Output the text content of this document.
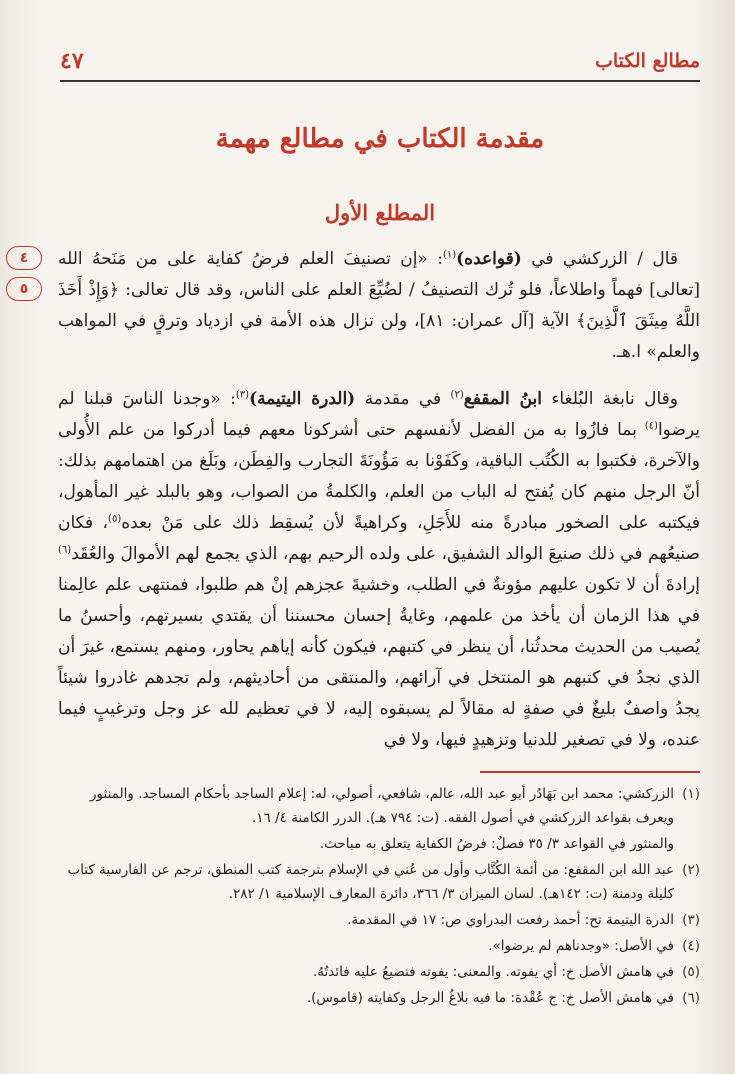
مطالع الكتاب
٤٧
مقدمة الكتاب في مطالع مهمة
المطلع الأول
٤
٥

قال / الزركشي في (قواعده)$^{(١)}$: «إن تصنيفَ العلم فرضُ كفاية على من مَنَحهُ الله [تعالى] فهماً واطلاعاً، فلو تُرك التصنيفُ / لضُيِّعَ العلم على الناس، وقد قال تعالى: ﴿وَإِذْ أَخَذَ اللَّهُ مِيثَقَ ٱلَّذِينَ﴾ الآية [آل عمران: ٨١]، ولن تزال هذه الأمة في ازدياد وترقٍ في المواهب والعلم» ا.هـ.

وقال نابغة البُلغاء ابنُ المقفع$^{(٢)}$ في مقدمة (الدرة اليتيمة)$^{(٣)}$: «وجدنا الناسَ قبلنا لم يرضوا$^{(٤)}$ بما فازُوا به من الفضل لأنفسهم حتى أشركونا معهم فيما أدركوا من علم الأُولى والآخرة، فكتبوا به الكُتُب الباقية، وكَفَوْنا به مَؤُونَةَ التجارب والفِطَن، وبَلَغ من اهتمامهم بذلك: أنّ الرجل منهم كان يُفتح له الباب من العلم، والكلمةُ من الصواب، وهو بالبلد غير المأهول، فيكتبه على الصخور مبادرةً منه للأَجَلِ، وكراهيةً لأن يُسقِط ذلك على مَنْ بعده$^{(٥)}$، فكان صنيعُهم في ذلك صنيعَ الوالد الشفيق، على ولده الرحيم بهم، الذي يجمع لهم الأموالَ والعُقَد$^{(٦)}$ إرادةَ أن لا تكون عليهم مؤونةٌ في الطلب، وخشيةَ عجزهم إنْ هم طلبوا، فمنتهى علم عالِمنا في هذا الزمان أن يأخذ من علمهم، وغايةُ إحسان محسننا أن يقتدي بسيرتهم، وأحسنُ ما يُصيب من الحديث محدثُنا، أن ينظر في كتبهم، فيكون كأنه إياهم يحاور، ومنهم يستمع، غيرَ أن الذي نجدُ في كتبهم هو المنتخل في آرائهم، والمنتقى من أحاديثهم، ولم تجدهم غادروا شيئاً يجدُ واصفٌ بليغٌ في صفةٍ له مقالاً لم يسبقوه إليه، لا في تعظيم لله عز وجل وترغيبٍ فيما عنده، ولا في تصغير للدنيا وتزهيدٍ فيها، ولا في

(١)
الزركشي: محمد ابن بَهَادُر أبو عبد الله، عالم، شافعي، أصولي، له: إعلام الساجد بأحكام المساجد. والمنثور ويعرف بقواعد الزركشي في أصول الفقه. (ت: ٧٩٤ هـ). الدرر الكامنة ٤/ ١٦.
والمنثور في القواعد ٣/ ٣٥ فصلٌ: فرضُ الكفاية يتعلق به مباحث.
(٢)
عبد الله ابن المقفع: من أئمة الكُتَّاب وأول من عُني في الإسلام بترجمة كتب المنطق، ترجم عن الفارسية كتاب كليلة ودمنة (ت: ١٤٢هـ). لسان الميزان ٣/ ٣٦٦، دائرة المعارف الإسلامية ١/ ٢٨٢.
(٣)
الدرة اليتيمة تح: أحمد رفعت البدراوي ص: ١٧ في المقدمة.
(٤)
في الأصل: «وجدناهم لم يرضوا».
(٥)
في هامش الأصل خ: أي يفوته. والمعنى: يفوته فتضيعُ عليه فائدتُهُ.
(٦)
في هامش الأصل خ: ج عُقْدة: ما فيه بلاغُ الرجل وكفايته (قاموس).
